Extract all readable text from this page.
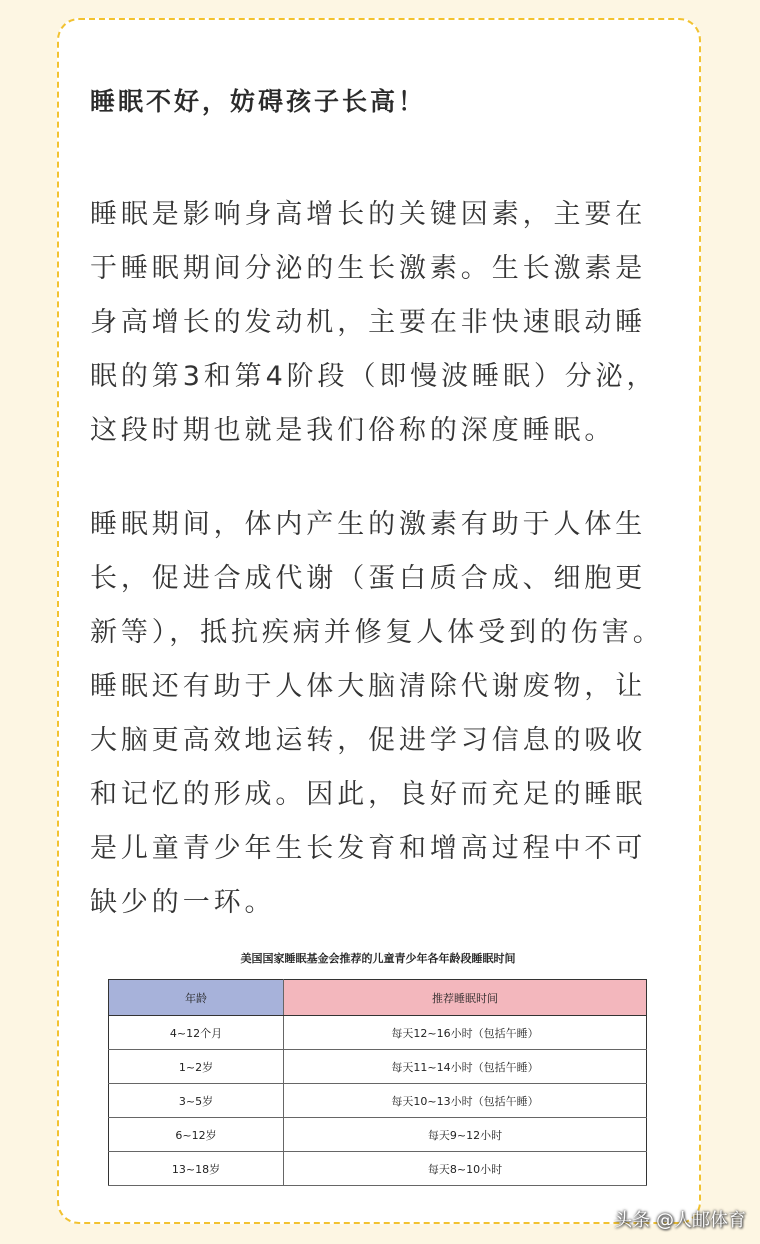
睡眠不好，妨碍孩子长高！
睡眠是影响身高增长的关键因素，主要在于睡眠期间分泌的生长激素。生长激素是身高增长的发动机，主要在非快速眼动睡眠的第3和第4阶段（即慢波睡眠）分泌，这段时期也就是我们俗称的深度睡眠。
睡眠期间，体内产生的激素有助于人体生长，促进合成代谢（蛋白质合成、细胞更新等），抵抗疾病并修复人体受到的伤害。睡眠还有助于人体大脑清除代谢废物，让大脑更高效地运转，促进学习信息的吸收和记忆的形成。因此，良好而充足的睡眠是儿童青少年生长发育和增高过程中不可缺少的一环。
美国国家睡眠基金会推荐的儿童青少年各年龄段睡眠时间
年龄	推荐睡眠时间
4~12个月	每天12~16小时（包括午睡）
1~2岁	每天11~14小时（包括午睡）
3~5岁	每天10~13小时（包括午睡）
6~12岁	每天9~12小时
13~18岁	每天8~10小时
头条 @人邮体育
